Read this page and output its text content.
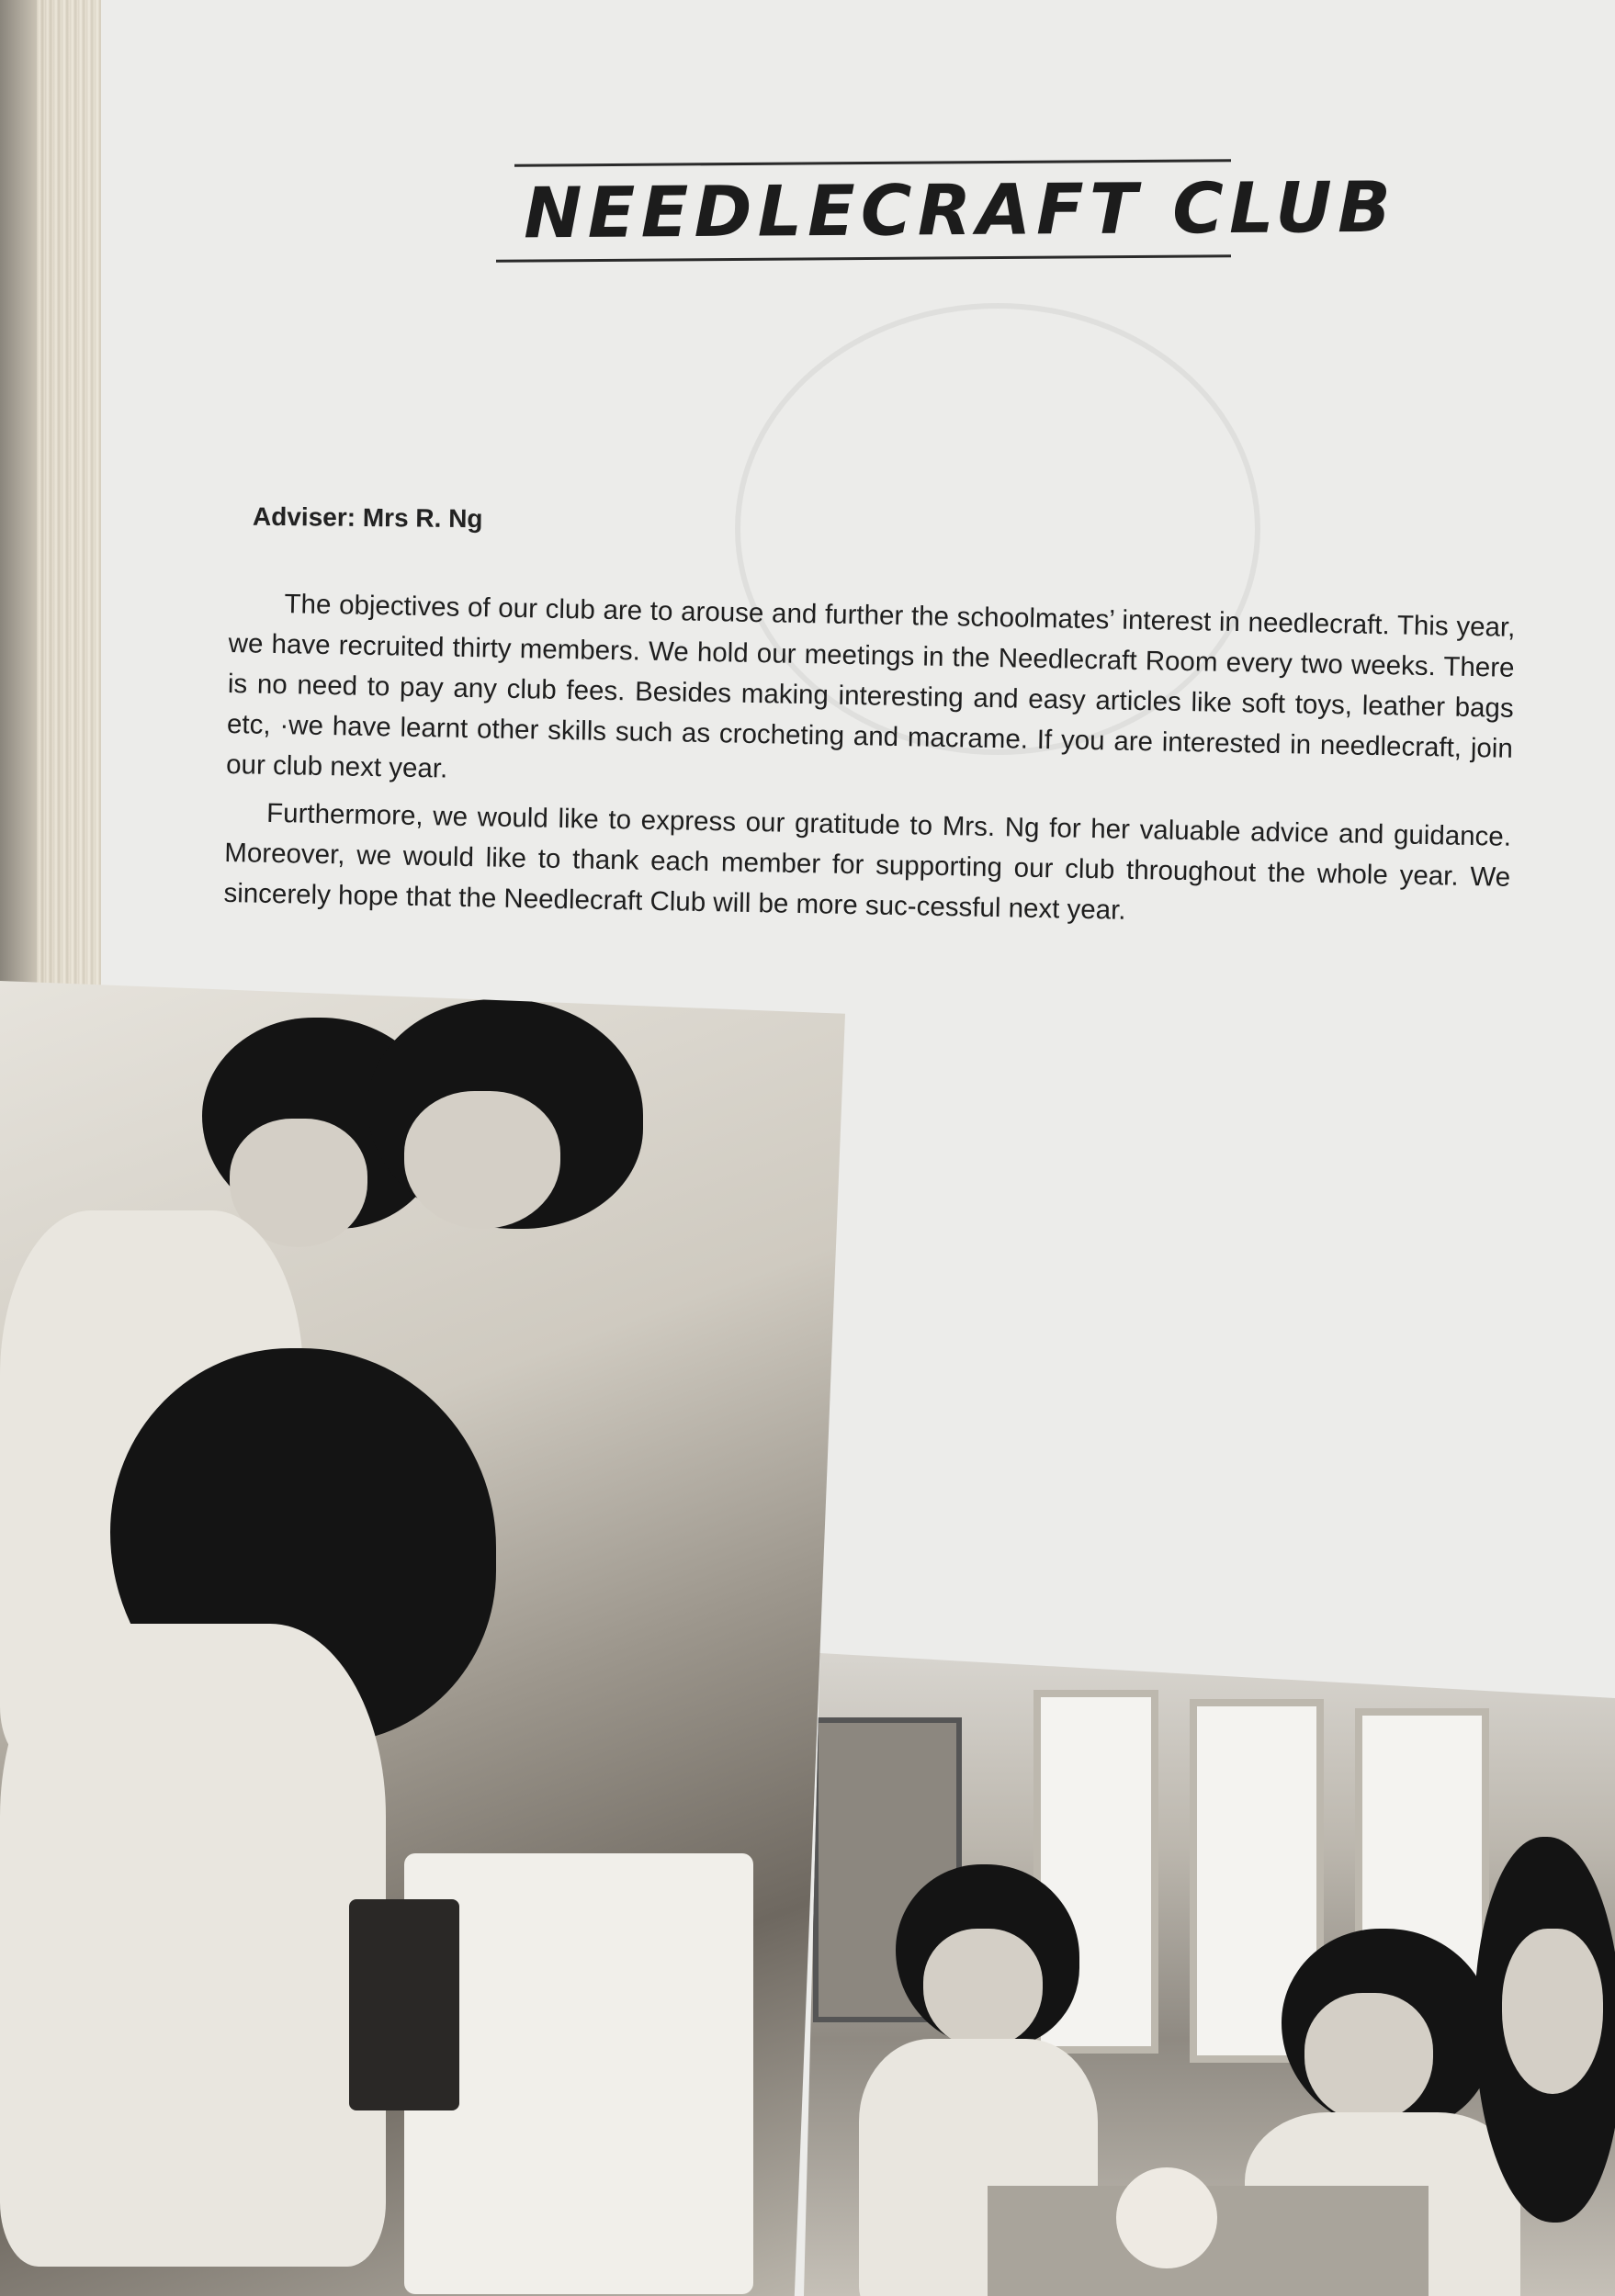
NEEDLECRAFT CLUB
Adviser: Mrs R. Ng

The objectives of our club are to arouse and further the schoolmates’ interest in needlecraft. This year, we have recruited thirty members. We hold our meetings in the Needlecraft Room every two weeks. There is no need to pay any club fees. Besides making interesting and easy articles like soft toys, leather bags etc, ·we have learnt other skills such as crocheting and macrame. If you are interested in needlecraft, join our club next year.

Furthermore, we would like to express our gratitude to Mrs. Ng for her valuable advice and guidance. Moreover, we would like to thank each member for supporting our club throughout the whole year. We sincerely hope that the Needlecraft Club will be more suc-cessful next year.
